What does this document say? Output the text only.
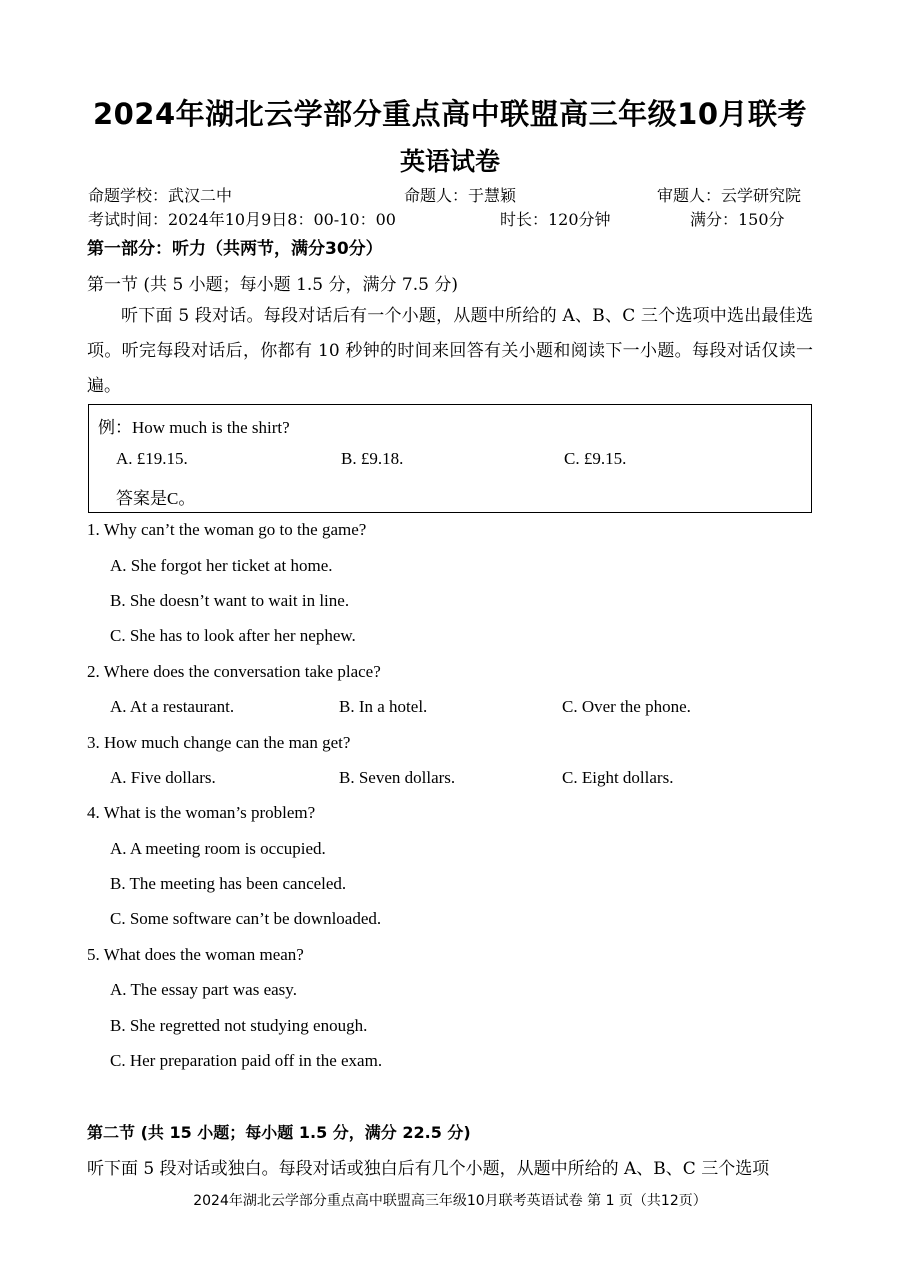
2024年湖北云学部分重点高中联盟高三年级10月联考
英语试卷
命题学校：武汉二中	命题人：于慧颖	审题人：云学研究院
考试时间：2024年10月9日8：00-10：00	时长：120分钟	满分：150分
第一部分：听力（共两节，满分30分）
第一节 (共 5 小题；每小题 1.5 分，满分 7.5 分)

听下面 5 段对话。每段对话后有一个小题，从题中所给的 A、B、C 三个选项中选出最佳选项。听完每段对话后，你都有 10 秒钟的时间来回答有关小题和阅读下一小题。每段对话仅读一遍。

例：How much is the shirt?
A. £19.15.	B. £9.18.	C. £9.15.
答案是C。
1. Why can’t the woman go to the game?
A. She forgot her ticket at home.
B. She doesn’t want to wait in line.
C. She has to look after her nephew.
2. Where does the conversation take place?
A. At a restaurant.	B. In a hotel.	C. Over the phone.
3. How much change can the man get?
A. Five dollars.	B. Seven dollars.	C. Eight dollars.
4. What is the woman’s problem?
A. A meeting room is occupied.
B. The meeting has been canceled.
C. Some software can’t be downloaded.
5. What does the woman mean?
A. The essay part was easy.
B. She regretted not studying enough.
C. Her preparation paid off in the exam.
第二节 (共 15 小题；每小题 1.5 分，满分 22.5 分)
听下面 5 段对话或独白。每段对话或独白后有几个小题，从题中所给的 A、B、C 三个选项
2024年湖北云学部分重点高中联盟高三年级10月联考英语试卷 第 1 页（共12页）
